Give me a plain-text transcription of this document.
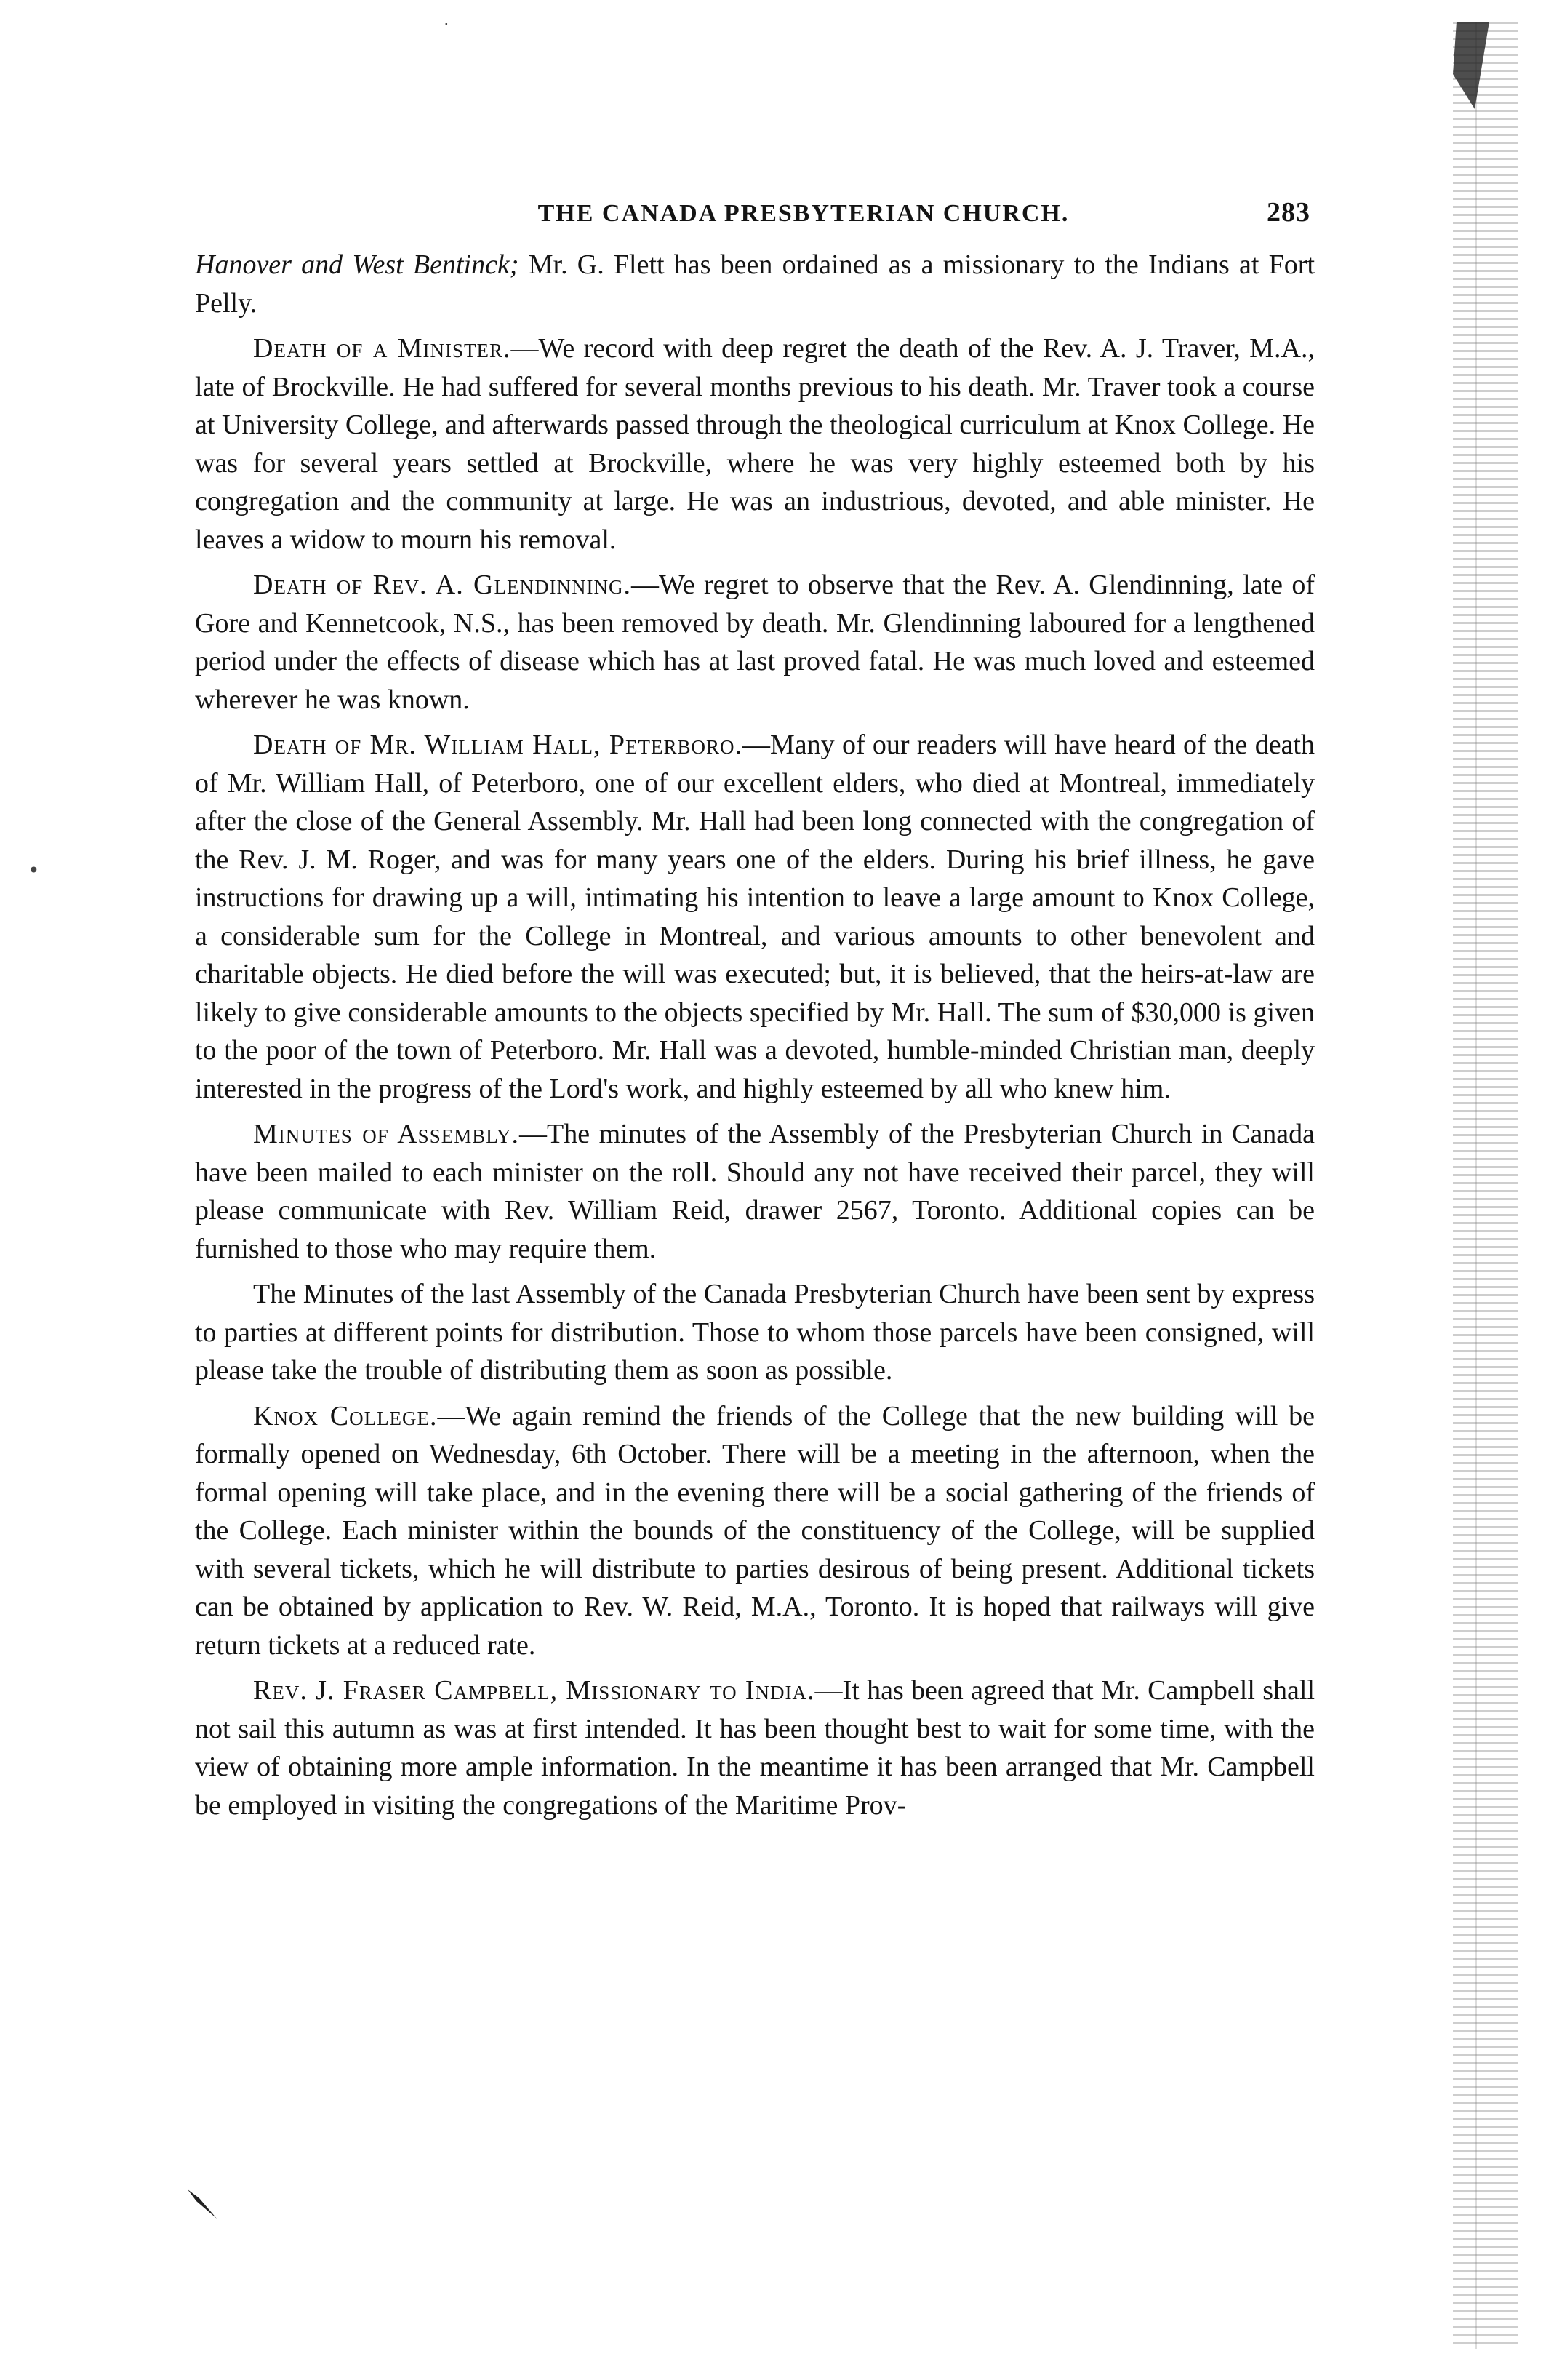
·
•
THE CANADA PRESBYTERIAN CHURCH.	283

Hanover and West Bentinck; Mr. G. Flett has been ordained as a missionary to the Indians at Fort Pelly.

Death of a Minister.—We record with deep regret the death of the Rev. A. J. Traver, M.A., late of Brockville. He had suffered for several months previous to his death. Mr. Traver took a course at University College, and afterwards passed through the theological curriculum at Knox College. He was for several years settled at Brockville, where he was very highly esteemed both by his congregation and the community at large. He was an industrious, devoted, and able minister. He leaves a widow to mourn his removal.

Death of Rev. A. Glendinning.—We regret to observe that the Rev. A. Glendinning, late of Gore and Kennetcook, N.S., has been removed by death. Mr. Glendinning laboured for a lengthened period under the effects of disease which has at last proved fatal. He was much loved and esteemed wherever he was known.

Death of Mr. William Hall, Peterboro.—Many of our readers will have heard of the death of Mr. William Hall, of Peterboro, one of our excellent elders, who died at Montreal, immediately after the close of the General Assembly. Mr. Hall had been long connected with the congregation of the Rev. J. M. Roger, and was for many years one of the elders. During his brief illness, he gave instructions for drawing up a will, intimating his intention to leave a large amount to Knox College, a considerable sum for the College in Montreal, and various amounts to other benevolent and charitable objects. He died before the will was executed; but, it is believed, that the heirs-at-law are likely to give considerable amounts to the objects specified by Mr. Hall. The sum of $30,000 is given to the poor of the town of Peterboro. Mr. Hall was a devoted, humble-minded Christian man, deeply interested in the progress of the Lord's work, and highly esteemed by all who knew him.

Minutes of Assembly.—The minutes of the Assembly of the Presbyterian Church in Canada have been mailed to each minister on the roll. Should any not have received their parcel, they will please communicate with Rev. William Reid, drawer 2567, Toronto. Additional copies can be furnished to those who may require them.

The Minutes of the last Assembly of the Canada Presbyterian Church have been sent by express to parties at different points for distribution. Those to whom those parcels have been consigned, will please take the trouble of distributing them as soon as possible.

Knox College.—We again remind the friends of the College that the new building will be formally opened on Wednesday, 6th October. There will be a meeting in the afternoon, when the formal opening will take place, and in the evening there will be a social gathering of the friends of the College. Each minister within the bounds of the constituency of the College, will be supplied with several tickets, which he will distribute to parties desirous of being present. Additional tickets can be obtained by application to Rev. W. Reid, M.A., Toronto. It is hoped that railways will give return tickets at a reduced rate.

Rev. J. Fraser Campbell, Missionary to India.—It has been agreed that Mr. Campbell shall not sail this autumn as was at first intended. It has been thought best to wait for some time, with the view of obtaining more ample information. In the meantime it has been arranged that Mr. Campbell be employed in visiting the congregations of the Maritime Prov-
